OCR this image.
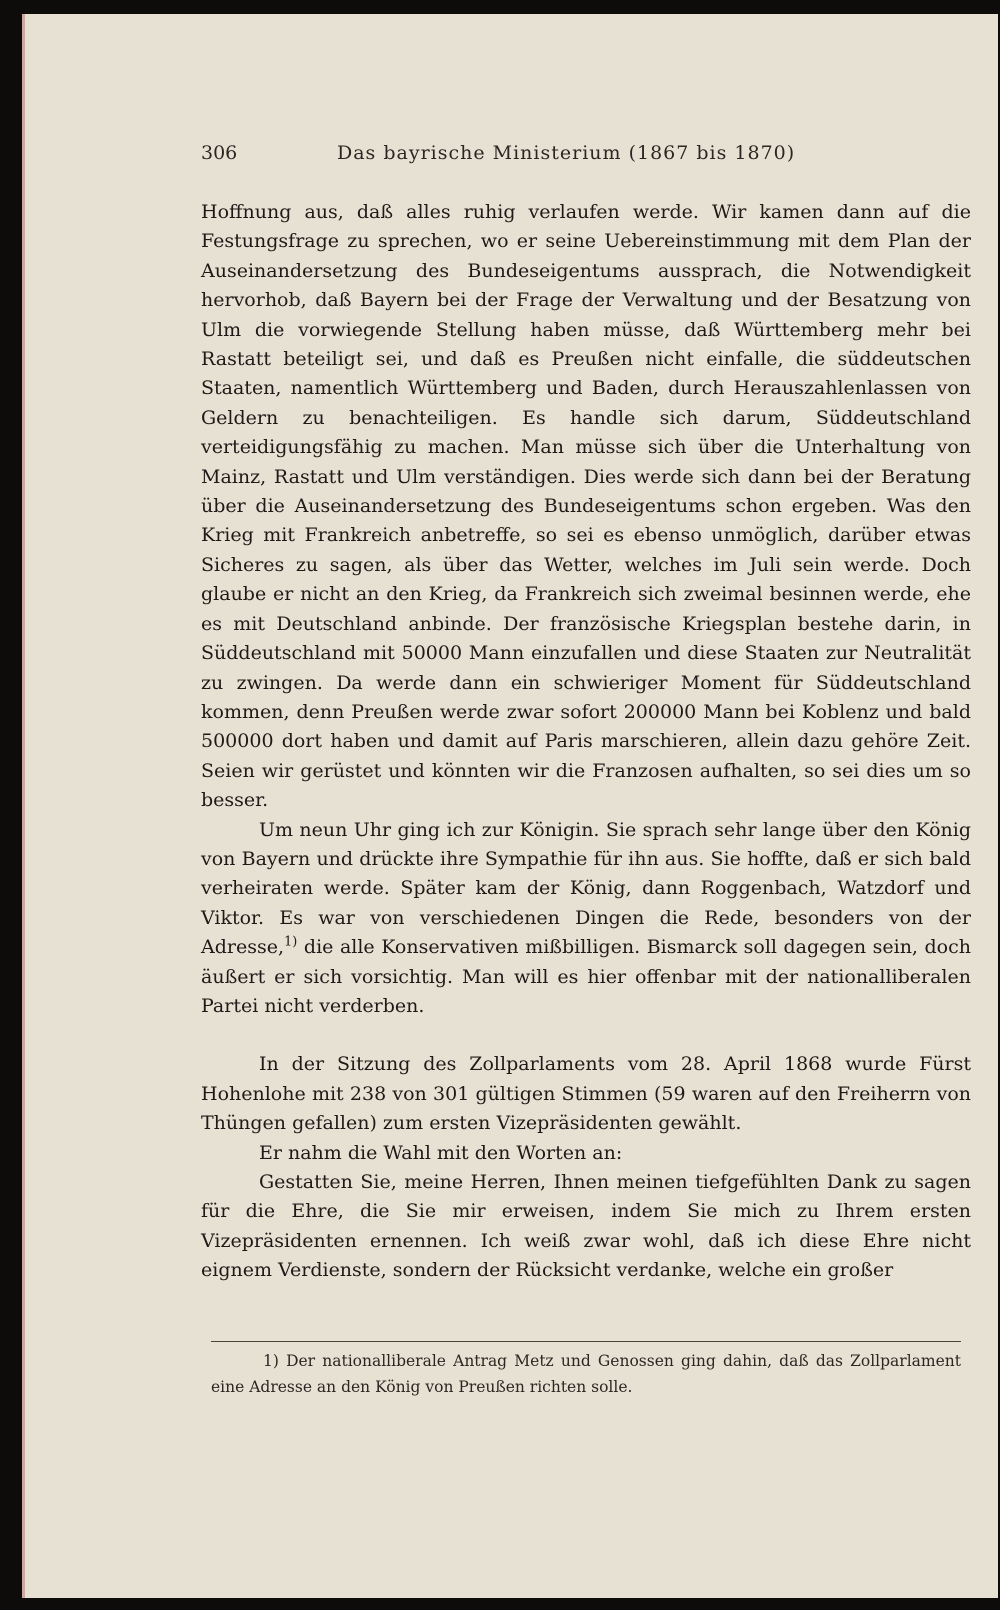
306	Das bayrische Ministerium (1867 bis 1870)

Hoffnung aus, daß alles ruhig verlaufen werde. Wir kamen dann auf die Festungsfrage zu sprechen, wo er seine Uebereinstimmung mit dem Plan der Auseinandersetzung des Bundeseigentums aussprach, die Notwendigkeit hervorhob, daß Bayern bei der Frage der Verwaltung und der Besatzung von Ulm die vorwiegende Stellung haben müsse, daß Württemberg mehr bei Rastatt beteiligt sei, und daß es Preußen nicht einfalle, die süddeutschen Staaten, namentlich Württemberg und Baden, durch Herauszahlenlassen von Geldern zu benachteiligen. Es handle sich darum, Süddeutschland verteidigungsfähig zu machen. Man müsse sich über die Unterhaltung von Mainz, Rastatt und Ulm verständigen. Dies werde sich dann bei der Beratung über die Auseinandersetzung des Bundeseigentums schon ergeben. Was den Krieg mit Frankreich anbetreffe, so sei es ebenso unmöglich, darüber etwas Sicheres zu sagen, als über das Wetter, welches im Juli sein werde. Doch glaube er nicht an den Krieg, da Frankreich sich zweimal besinnen werde, ehe es mit Deutschland anbinde. Der französische Kriegsplan bestehe darin, in Süddeutschland mit 50000 Mann einzufallen und diese Staaten zur Neutralität zu zwingen. Da werde dann ein schwieriger Moment für Süddeutschland kommen, denn Preußen werde zwar sofort 200000 Mann bei Koblenz und bald 500000 dort haben und damit auf Paris marschieren, allein dazu gehöre Zeit. Seien wir gerüstet und könnten wir die Franzosen aufhalten, so sei dies um so besser.

Um neun Uhr ging ich zur Königin. Sie sprach sehr lange über den König von Bayern und drückte ihre Sympathie für ihn aus. Sie hoffte, daß er sich bald verheiraten werde. Später kam der König, dann Roggenbach, Watzdorf und Viktor. Es war von verschiedenen Dingen die Rede, besonders von der Adresse,$^{1)}$ die alle Konservativen mißbilligen. Bismarck soll dagegen sein, doch äußert er sich vorsichtig. Man will es hier offenbar mit der nationalliberalen Partei nicht verderben.

In der Sitzung des Zollparlaments vom 28. April 1868 wurde Fürst Hohenlohe mit 238 von 301 gültigen Stimmen (59 waren auf den Freiherrn von Thüngen gefallen) zum ersten Vizepräsidenten gewählt.

Er nahm die Wahl mit den Worten an:

Gestatten Sie, meine Herren, Ihnen meinen tiefgefühlten Dank zu sagen für die Ehre, die Sie mir erweisen, indem Sie mich zu Ihrem ersten Vizepräsidenten ernennen. Ich weiß zwar wohl, daß ich diese Ehre nicht eignem Verdienste, sondern der Rücksicht verdanke, welche ein großer

1) Der nationalliberale Antrag Metz und Genossen ging dahin, daß das Zollparlament eine Adresse an den König von Preußen richten solle.
